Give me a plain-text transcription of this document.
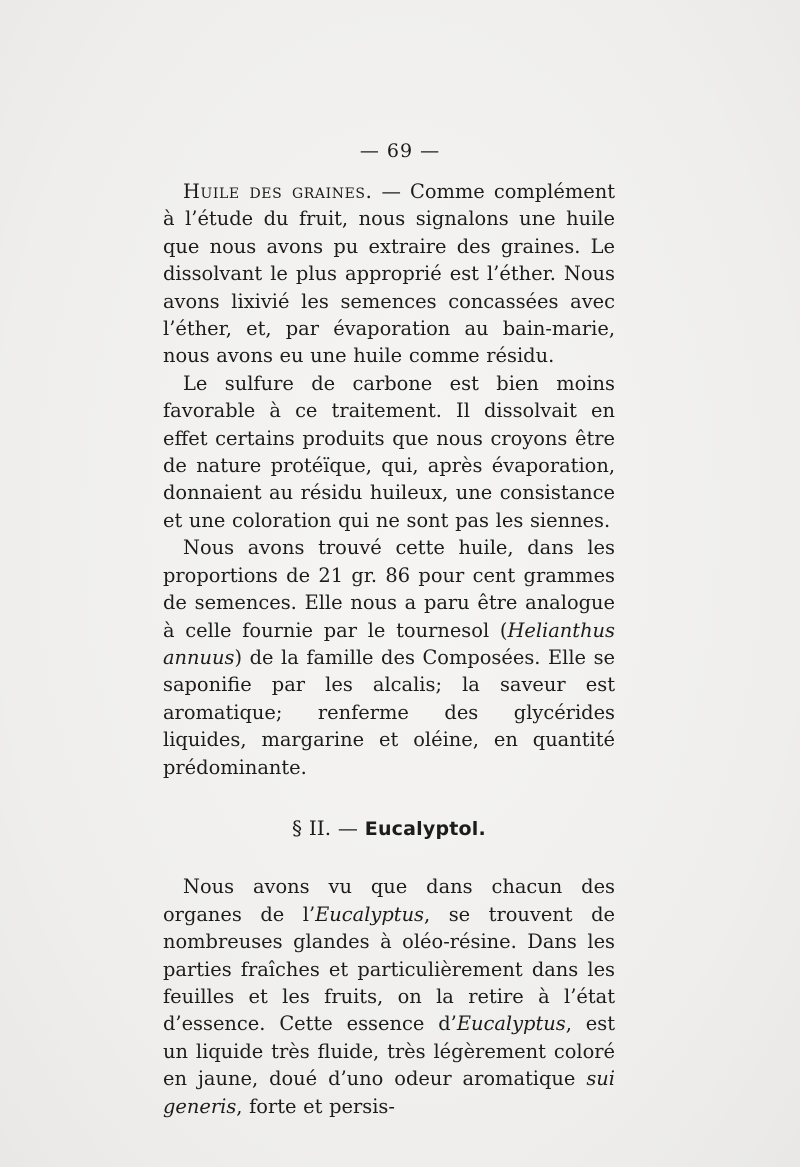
— 69 —

Huile des graines. — Comme complément à l’étude du fruit, nous signalons une huile que nous avons pu extraire des graines. Le dissolvant le plus approprié est l’éther. Nous avons lixivié les semences concassées avec l’éther, et, par évaporation au bain-marie, nous avons eu une huile comme résidu.

Le sulfure de carbone est bien moins favorable à ce traitement. Il dissolvait en effet certains produits que nous croyons être de nature protéïque, qui, après évaporation, donnaient au résidu huileux, une consistance et une coloration qui ne sont pas les siennes.

Nous avons trouvé cette huile, dans les proportions de 21 gr. 86 pour cent grammes de semences. Elle nous a paru être analogue à celle fournie par le tournesol (Helianthus annuus) de la famille des Composées. Elle se saponifie par les alcalis; la saveur est aromatique; renferme des glycérides liquides, margarine et oléine, en quantité prédominante.

§ II. — Eucalyptol.

Nous avons vu que dans chacun des organes de l’Eucalyptus, se trouvent de nombreuses glandes à oléo-résine. Dans les parties fraîches et particulièrement dans les feuilles et les fruits, on la retire à l’état d’essence. Cette essence d’Eucalyptus, est un liquide très fluide, très légèrement coloré en jaune, doué d’uno odeur aromatique sui generis, forte et persis-
